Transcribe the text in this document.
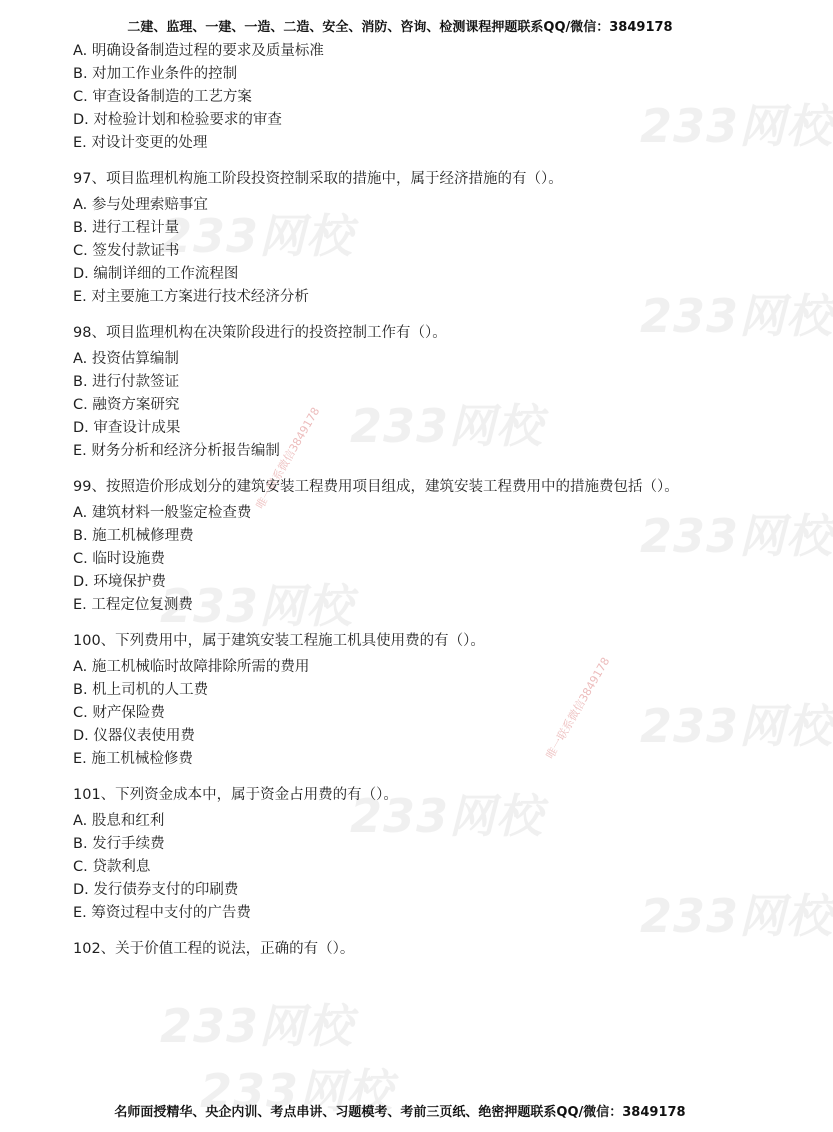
二建、监理、一建、一造、二造、安全、消防、咨询、检测课程押题联系QQ/微信：3849178
233网校
233网校
233网校
233网校
233网校
233网校
233网校
233网校
233网校
233网校
233网校
唯一联系微信3849178
唯一联系微信3849178
A. 明确设备制造过程的要求及质量标准
B. 对加工作业条件的控制
C. 审查设备制造的工艺方案
D. 对检验计划和检验要求的审查
E. 对设计变更的处理
97、项目监理机构施工阶段投资控制采取的措施中，属于经济措施的有（）。
A. 参与处理索赔事宜
B. 进行工程计量
C. 签发付款证书
D. 编制详细的工作流程图
E. 对主要施工方案进行技术经济分析
98、项目监理机构在决策阶段进行的投资控制工作有（）。
A. 投资估算编制
B. 进行付款签证
C. 融资方案研究
D. 审查设计成果
E. 财务分析和经济分析报告编制
99、按照造价形成划分的建筑安装工程费用项目组成，建筑安装工程费用中的措施费包括（）。
A. 建筑材料一般鉴定检查费
B. 施工机械修理费
C. 临时设施费
D. 环境保护费
E. 工程定位复测费
100、下列费用中，属于建筑安装工程施工机具使用费的有（）。
A. 施工机械临时故障排除所需的费用
B. 机上司机的人工费
C. 财产保险费
D. 仪器仪表使用费
E. 施工机械检修费
101、下列资金成本中，属于资金占用费的有（）。
A. 股息和红利
B. 发行手续费
C. 贷款利息
D. 发行债券支付的印刷费
E. 筹资过程中支付的广告费
102、关于价值工程的说法，正确的有（）。
名师面授精华、央企内训、考点串讲、习题模考、考前三页纸、绝密押题联系QQ/微信：3849178
